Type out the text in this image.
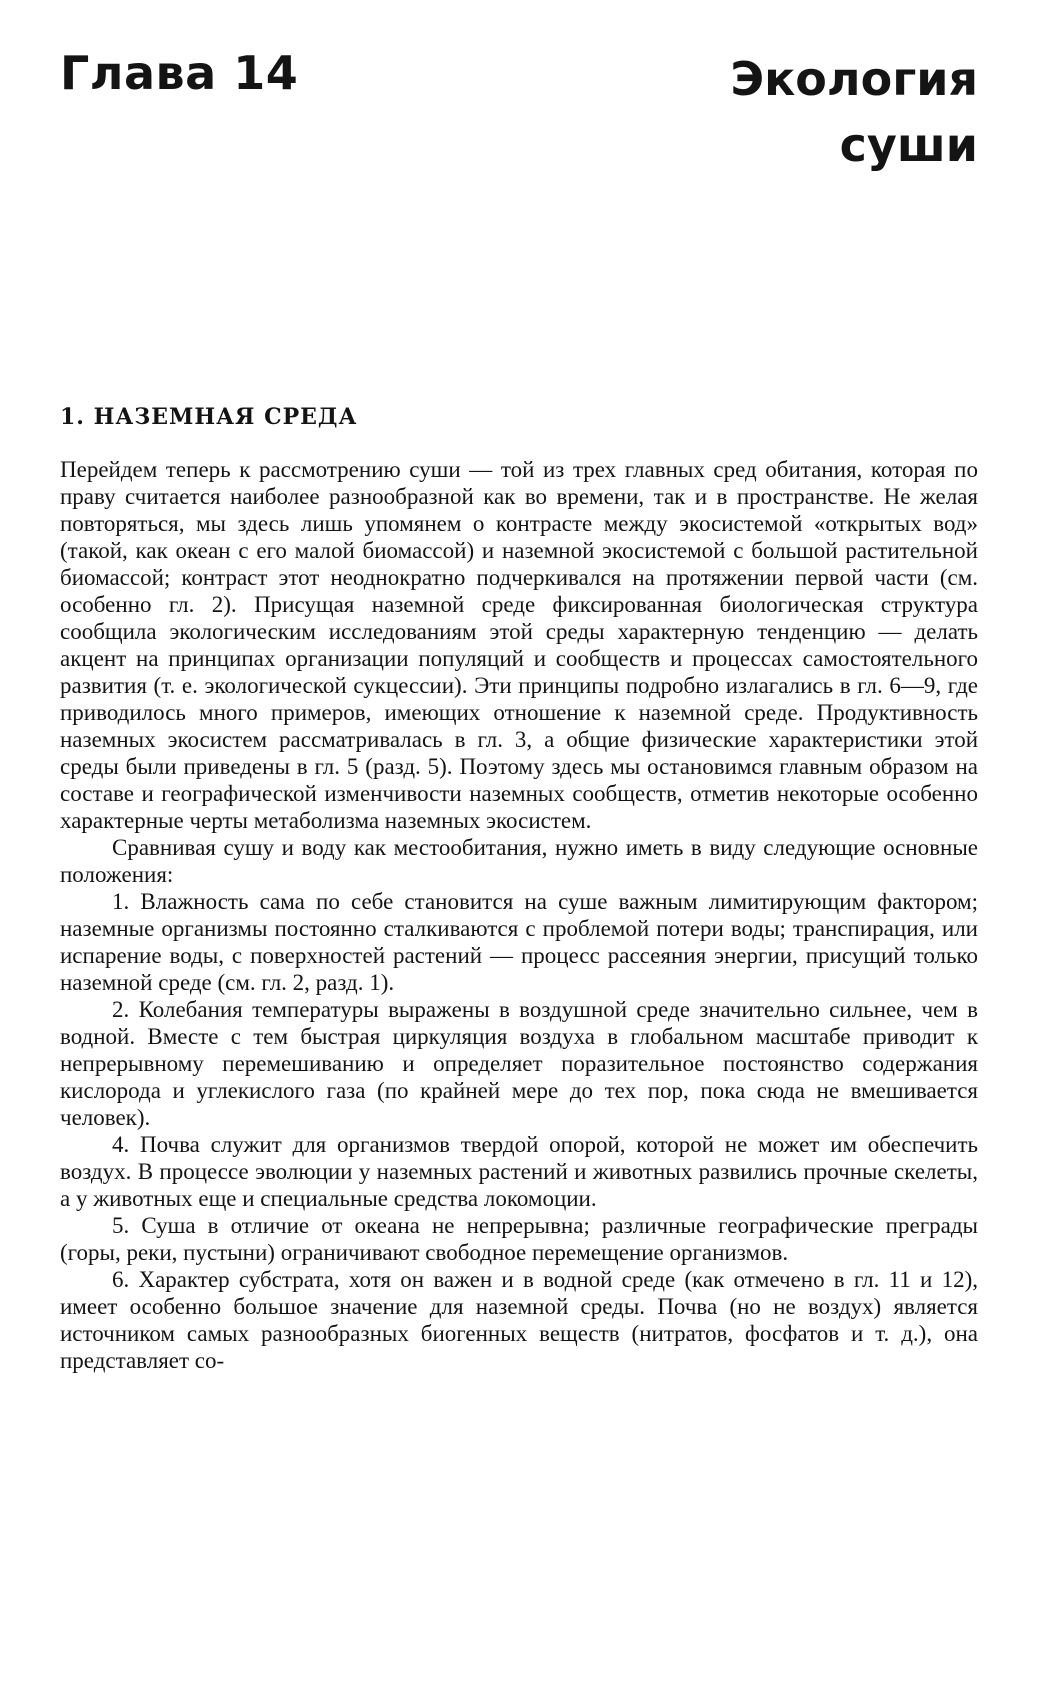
Глава 14	Экология
суши
1. НАЗЕМНАЯ СРЕДА

Перейдем теперь к рассмотрению суши — той из трех главных сред обитания, которая по праву считается наиболее разнообразной как во времени, так и в пространстве. Не желая повторяться, мы здесь лишь упомянем о контрасте между экосистемой «открытых вод» (такой, как океан с его малой биомассой) и наземной экосистемой с большой растительной биомассой; контраст этот неоднократно подчеркивался на протяжении первой части (см. особенно гл. 2). Присущая наземной среде фиксированная биологическая структура сообщила экологическим исследованиям этой среды характерную тенденцию — делать акцент на принципах организации популяций и сообществ и процессах самостоятельного развития (т. е. экологической сукцессии). Эти принципы подробно излагались в гл. 6—9, где приводилось много примеров, имеющих отношение к наземной среде. Продуктивность наземных экосистем рассматривалась в гл. 3, а общие физические характеристики этой среды были приведены в гл. 5 (разд. 5). Поэтому здесь мы остановимся главным образом на составе и географической изменчивости наземных сообществ, отметив некоторые особенно характерные черты метаболизма наземных экосистем.

Сравнивая сушу и воду как местообитания, нужно иметь в виду следующие основные положения:

1. Влажность сама по себе становится на суше важным лимитирующим фактором; наземные организмы постоянно сталкиваются с проблемой потери воды; транспирация, или испарение воды, с поверхностей растений — процесс рассеяния энергии, присущий только наземной среде (см. гл. 2, разд. 1).

2. Колебания температуры выражены в воздушной среде значительно сильнее, чем в водной. Вместе с тем быстрая циркуляция воздуха в глобальном масштабе приводит к непрерывному перемешиванию и определяет поразительное постоянство содержания кислорода и углекислого газа (по крайней мере до тех пор, пока сюда не вмешивается человек).

4. Почва служит для организмов твердой опорой, которой не может им обеспечить воздух. В процессе эволюции у наземных растений и животных развились прочные скелеты, а у животных еще и специальные средства локомоции.

5. Суша в отличие от океана не непрерывна; различные географические преграды (горы, реки, пустыни) ограничивают свободное перемещение организмов.

6. Характер субстрата, хотя он важен и в водной среде (как отмечено в гл. 11 и 12), имеет особенно большое значение для наземной среды. Почва (но не воздух) является источником самых разнообразных биогенных веществ (нитратов, фосфатов и т. д.), она представляет со-
